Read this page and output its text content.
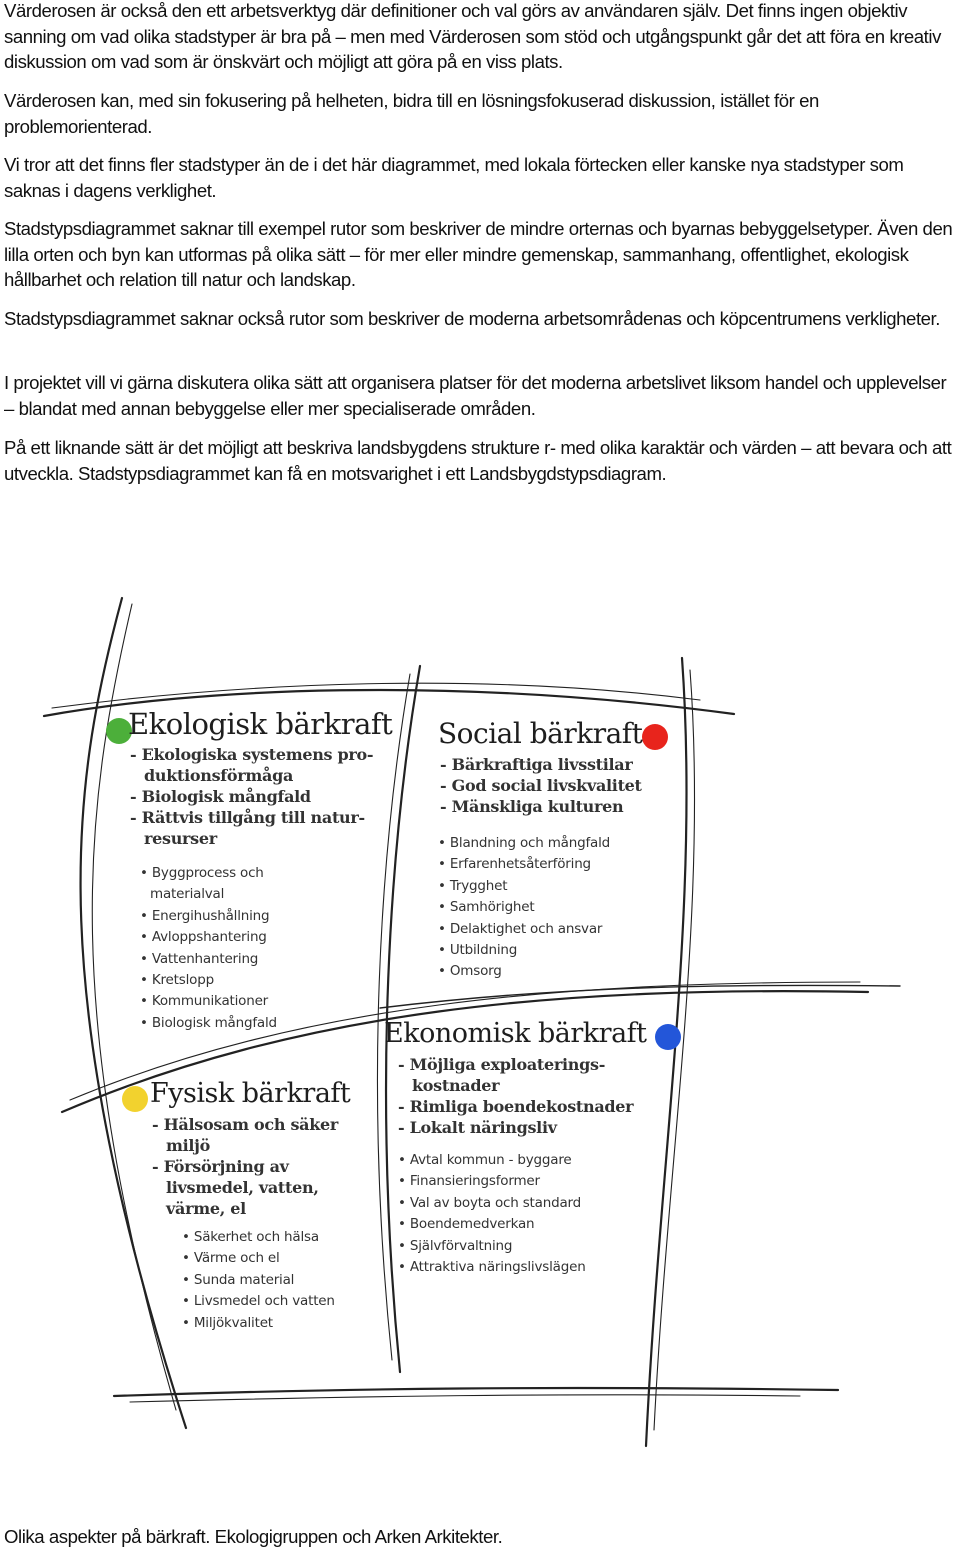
Värderosen är också den ett arbetsverktyg där definitioner och val görs av användaren själv. Det finns ingen objektiv sanning om vad olika stadstyper är bra på – men med Värderosen som stöd och utgångspunkt går det att föra en kreativ diskussion om vad som är önskvärt och möjligt att göra på en viss plats.

Värderosen kan, med sin fokusering på helheten, bidra till en lösningsfokuserad diskussion, istället för en problemorienterad.

Vi tror att det finns fler stadstyper än de i det här diagrammet, med lokala förtecken eller kanske nya stadstyper som saknas i dagens verklighet.

Stadstypsdiagrammet saknar till exempel rutor som beskriver de mindre orternas och byarnas bebyggelsetyper. Även den lilla orten och byn kan utformas på olika sätt – för mer eller mindre gemenskap, sammanhang, offentlighet, ekologisk hållbarhet och relation till natur och landskap.

Stadstypsdiagrammet saknar också rutor som beskriver de moderna arbetsområdenas och köpcentrumens verkligheter.

I projektet vill vi gärna diskutera olika sätt att organisera platser för det moderna arbetslivet liksom handel och upplevelser – blandat med annan bebyggelse eller mer specialiserade områden.

På ett liknande sätt är det möjligt att beskriva landsbygdens strukture r- med olika karaktär och värden – att bevara och att utveckla. Stadstypsdiagrammet kan få en motsvarighet i ett Landsbygdstypsdiagram.

Ekologisk bärkraft
- Ekologiska systemens pro-duktionsförmåga
- Biologisk mångfald
- Rättvis tillgång till natur-resurser
• Byggprocess och materialval
• Energihushållning
• Avloppshantering
• Vattenhantering
• Kretslopp
• Kommunikationer
• Biologisk mångfald
Social bärkraft
- Bärkraftiga livsstilar
- God social livskvalitet
- Mänskliga kulturen
• Blandning och mångfald
• Erfarenhetsåterföring
• Trygghet
• Samhörighet
• Delaktighet och ansvar
• Utbildning
• Omsorg
Fysisk bärkraft
- Hälsosam och säker miljö
- Försörjning av livsmedel, vatten, värme, el
• Säkerhet och hälsa
• Värme och el
• Sunda material
• Livsmedel och vatten
• Miljökvalitet
Ekonomisk bärkraft
- Möjliga exploaterings-kostnader
- Rimliga boendekostnader
- Lokalt näringsliv
• Avtal kommun - byggare
• Finansieringsformer
• Val av boyta och standard
• Boendemedverkan
• Självförvaltning
• Attraktiva näringslivslägen

Olika aspekter på bärkraft. Ekologigruppen och Arken Arkitekter.
